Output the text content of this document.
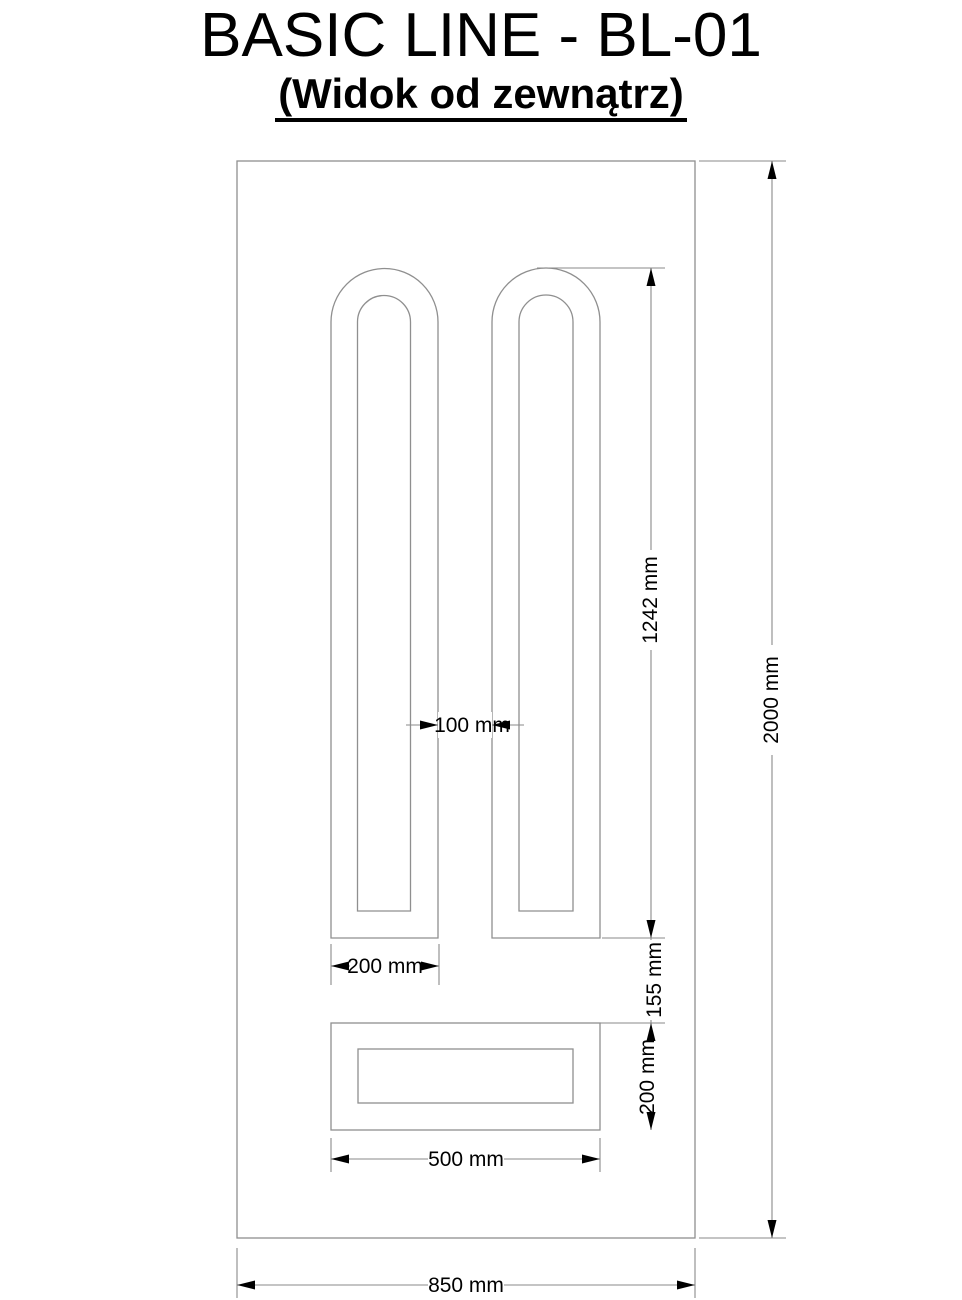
BASIC LINE - BL-01
(Widok od zewnątrz)
1242 mm
2000 mm
155 mm
200 mm
100 mm
200 mm
500 mm
850 mm
